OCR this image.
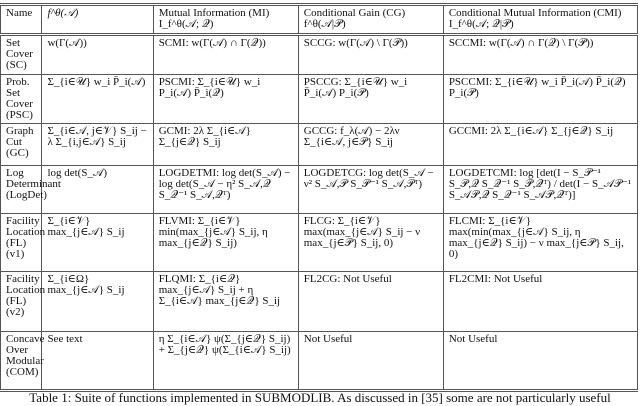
Name	f^θ(𝒜)	Mutual Information (MI) I_f^θ(𝒜; 𝒬)	Conditional Gain (CG) f^θ(𝒜|𝒫)	Conditional Mutual Information (CMI) I_f^θ(𝒜; 𝒬|𝒫)
Set Cover (SC)	w(Γ(𝒜))	SCMI: w(Γ(𝒜) ∩ Γ(𝒬))	SCCG: w(Γ(𝒜) \ Γ(𝒫))	SCCMI: w(Γ(𝒜) ∩ Γ(𝒬) \ Γ(𝒫))
Prob. Set Cover (PSC)	Σ_{i∈𝒰} w_i P̄_i(𝒜)	PSCMI: Σ_{i∈𝒰} w_i P_i(𝒜) P̄_i(𝒬)	PSCCG: Σ_{i∈𝒰} w_i P̄_i(𝒜) P_i(𝒫)	PSCCMI: Σ_{i∈𝒰} w_i P̄_i(𝒜) P̄_i(𝒬) P_i(𝒫)
Graph Cut (GC)	Σ_{i∈𝒜, j∈𝒱} S_ij − λ Σ_{i,j∈𝒜} S_ij	GCMI: 2λ Σ_{i∈𝒜} Σ_{j∈𝒬} S_ij	GCCG: f_λ(𝒜) − 2λν Σ_{i∈𝒜, j∈𝒫} S_ij	GCCMI: 2λ Σ_{i∈𝒜} Σ_{j∈𝒬} S_ij
Log Determinant (LogDet)	log det(S_𝒜)	LOGDETMI: log det(S_𝒜) − log det(S_𝒜 − η² S_𝒜,𝒬 S_𝒬⁻¹ S_𝒜,𝒬ᵀ)	LOGDETCG: log det(S_𝒜 − ν² S_𝒜,𝒫 S_𝒫⁻¹ S_𝒜,𝒫ᵀ)	LOGDETCMI: log [det(I − S_𝒫⁻¹ S_𝒫,𝒬 S_𝒬⁻¹ S_𝒫,𝒬ᵀ) / det(I − S_𝒜𝒫⁻¹ S_𝒜𝒫,𝒬 S_𝒬⁻¹ S_𝒜𝒫,𝒬ᵀ)]
Facility Location (FL) (v1)	Σ_{i∈𝒱} max_{j∈𝒜} S_ij	FLVMI: Σ_{i∈𝒱} min(max_{j∈𝒜} S_ij, η max_{j∈𝒬} S_ij)	FLCG: Σ_{i∈𝒱} max(max_{j∈𝒜} S_ij − ν max_{j∈𝒫} S_ij, 0)	FLCMI: Σ_{i∈𝒱} max(min(max_{j∈𝒜} S_ij, η max_{j∈𝒬} S_ij) − ν max_{j∈𝒫} S_ij, 0)
Facility Location (FL) (v2)	Σ_{i∈Ω} max_{j∈𝒜} S_ij	FLQMI: Σ_{i∈𝒬} max_{j∈𝒜} S_ij + η Σ_{i∈𝒜} max_{j∈𝒬} S_ij	FL2CG: Not Useful	FL2CMI: Not Useful
Concave Over Modular (COM)	See text	η Σ_{i∈𝒜} ψ(Σ_{j∈𝒬} S_ij) + Σ_{j∈𝒬} ψ(Σ_{i∈𝒜} S_ij)	Not Useful	Not Useful
Table 1: Suite of functions implemented in SUBMODLIB. As discussed in [35] some are not particularly useful
